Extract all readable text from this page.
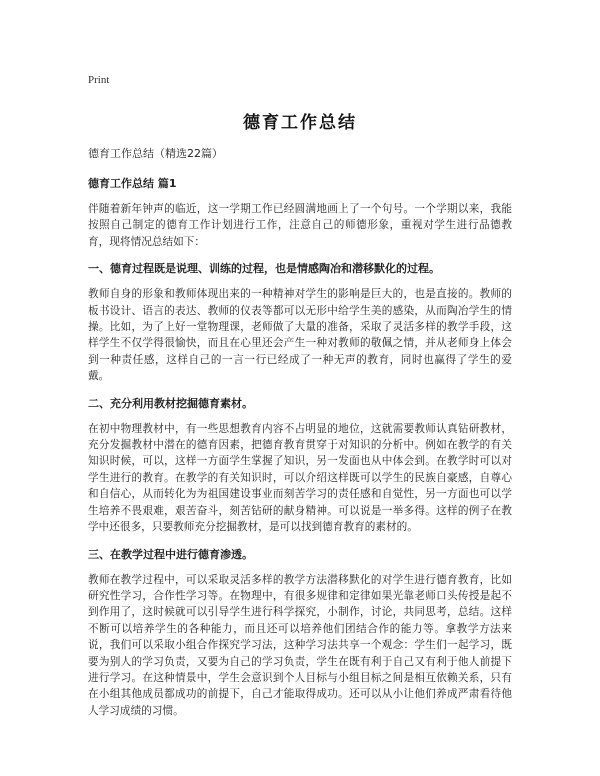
Print
德育工作总结
德育工作总结（精选22篇）
德育工作总结 篇1

伴随着新年钟声的临近，这一学期工作已经圆满地画上了一个句号。一个学期以来，我能按照自己制定的德育工作计划进行工作，注意自己的师德形象，重视对学生进行品德教育，现将情况总结如下：

一、德育过程既是说理、训练的过程，也是情感陶冶和潜移默化的过程。

教师自身的形象和教师体现出来的一种精神对学生的影响是巨大的，也是直接的。教师的板书设计、语言的表达、教师的仪表等都可以无形中给学生美的感染，从而陶冶学生的情操。比如，为了上好一堂物理课，老师做了大量的准备，采取了灵活多样的教学手段，这样学生不仅学得很愉快，而且在心里还会产生一种对教师的敬佩之情，并从老师身上体会到一种责任感，这样自己的一言一行已经成了一种无声的教育，同时也赢得了学生的爱戴。

二、充分利用教材挖掘德育素材。

在初中物理教材中，有一些思想教育内容不占明显的地位，这就需要教师认真钻研教材，充分发掘教材中潜在的德育因素，把德育教育贯穿于对知识的分析中。例如在教学的有关知识时候，可以，这样一方面学生掌握了知识，另一发面也从中体会到。在教学时可以对学生进行的教育。在教学的有关知识时，可以介绍这样既可以学生的民族自豪感，自尊心和自信心，从而转化为为祖国建设事业而刻苦学习的责任感和自觉性，另一方面也可以学生培养不畏艰难，艰苦奋斗，刻苦钻研的献身精神。可以说是一举多得。这样的例子在教学中还很多，只要教师充分挖掘教材，是可以找到德育教育的素材的。

三、在教学过程中进行德育渗透。

教师在教学过程中，可以采取灵活多样的教学方法潜移默化的对学生进行德育教育，比如研究性学习，合作性学习等。在物理中，有很多规律和定律如果光靠老师口头传授是起不到作用了，这时候就可以引导学生进行科学探究，小制作，讨论，共同思考，总结。这样不断可以培养学生的各种能力，而且还可以培养他们团结合作的能力等。拿教学方法来说，我们可以采取小组合作探究学习法，这种学习法共享一个观念：学生们一起学习，既要为别人的学习负责，又要为自己的学习负责，学生在既有利于自己又有利于他人前提下进行学习。在这种情景中，学生会意识到个人目标与小组目标之间是相互依赖关系，只有在小组其他成员都成功的前提下，自己才能取得成功。还可以从小让他们养成严肃看待他人学习成绩的习惯。
